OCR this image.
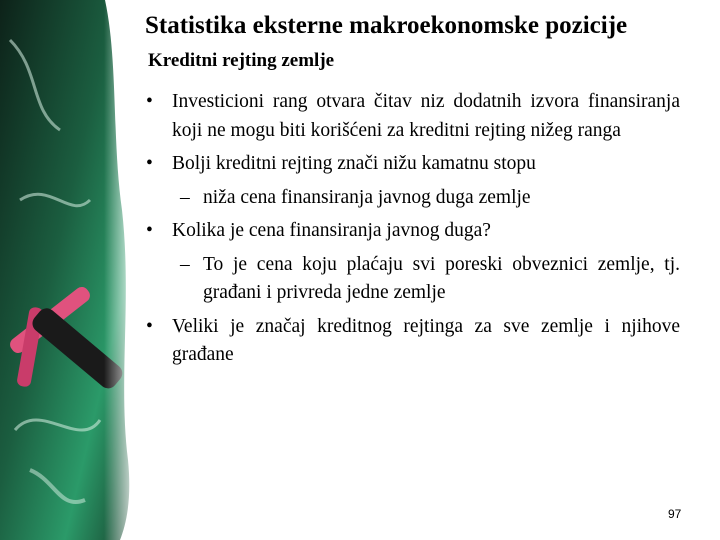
Statistika eksterne makroekonomske pozicije
Kreditni rejting zemlje
• Investicioni rang otvara čitav niz dodatnih izvora finansiranja koji ne mogu biti korišćeni za kreditni rejting nižeg ranga
• Bolji kreditni rejting znači nižu kamatnu stopu
– niža cena finansiranja javnog duga zemlje
• Kolika je cena finansiranja javnog duga?
– To je cena koju plaćaju svi poreski obveznici zemlje, tj. građani i privreda jedne zemlje
• Veliki je značaj kreditnog rejtinga za sve zemlje i njihove građane
97
